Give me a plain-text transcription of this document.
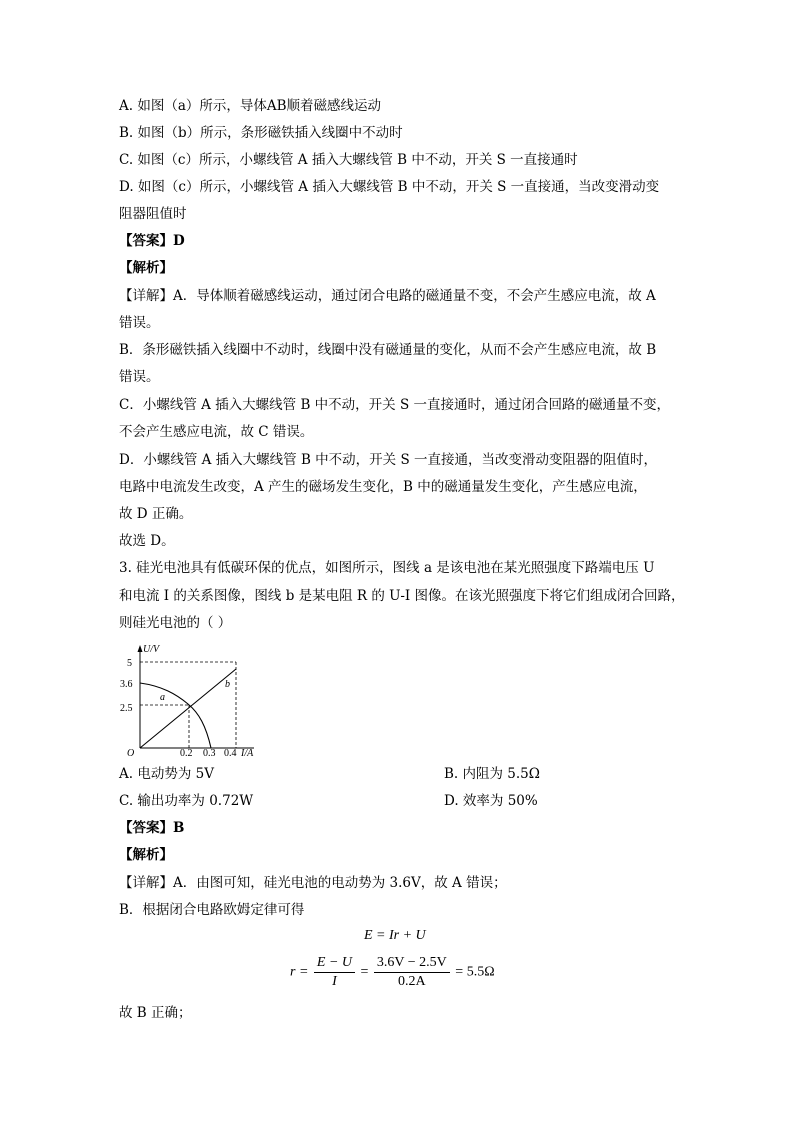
A. 如图（a）所示，导体AB顺着磁感线运动
B. 如图（b）所示，条形磁铁插入线圈中不动时
C. 如图（c）所示，小螺线管 A 插入大螺线管 B 中不动，开关 S 一直接通时
D. 如图（c）所示，小螺线管 A 插入大螺线管 B 中不动，开关 S 一直接通，当改变滑动变
阻器阻值时
【答案】D
【解析】
【详解】A．导体顺着磁感线运动，通过闭合电路的磁通量不变，不会产生感应电流，故 A
错误。
B．条形磁铁插入线圈中不动时，线圈中没有磁通量的变化，从而不会产生感应电流，故 B
错误。
C．小螺线管 A 插入大螺线管 B 中不动，开关 S 一直接通时，通过闭合回路的磁通量不变，
不会产生感应电流，故 C 错误。
D．小螺线管 A 插入大螺线管 B 中不动，开关 S 一直接通，当改变滑动变阻器的阻值时，
电路中电流发生改变，A 产生的磁场发生变化，B 中的磁通量发生变化，产生感应电流，
故 D 正确。
故选 D。
3. 硅光电池具有低碳环保的优点，如图所示，图线 a 是该电池在某光照强度下路端电压 U
和电流 I 的关系图像，图线 b 是某电阻 R 的 U-I 图像。在该光照强度下将它们组成闭合回路，
则硅光电池的（ ）
U/V
I/A
O
5
3.6
2.5
0.2 0.3 0.4
b
a
A. 电动势为 5V	B. 内阻为 5.5Ω
C. 输出功率为 0.72W	D. 效率为 50%
【答案】B
【解析】
【详解】A．由图可知，硅光电池的电动势为 3.6V，故 A 错误；
B．根据闭合电路欧姆定律可得
E = Ir + U
$r = \frac{E - U}{I} = \frac{3.6V - 2.5V}{0.2A} = 5.5\Omega$
故 B 正确；
